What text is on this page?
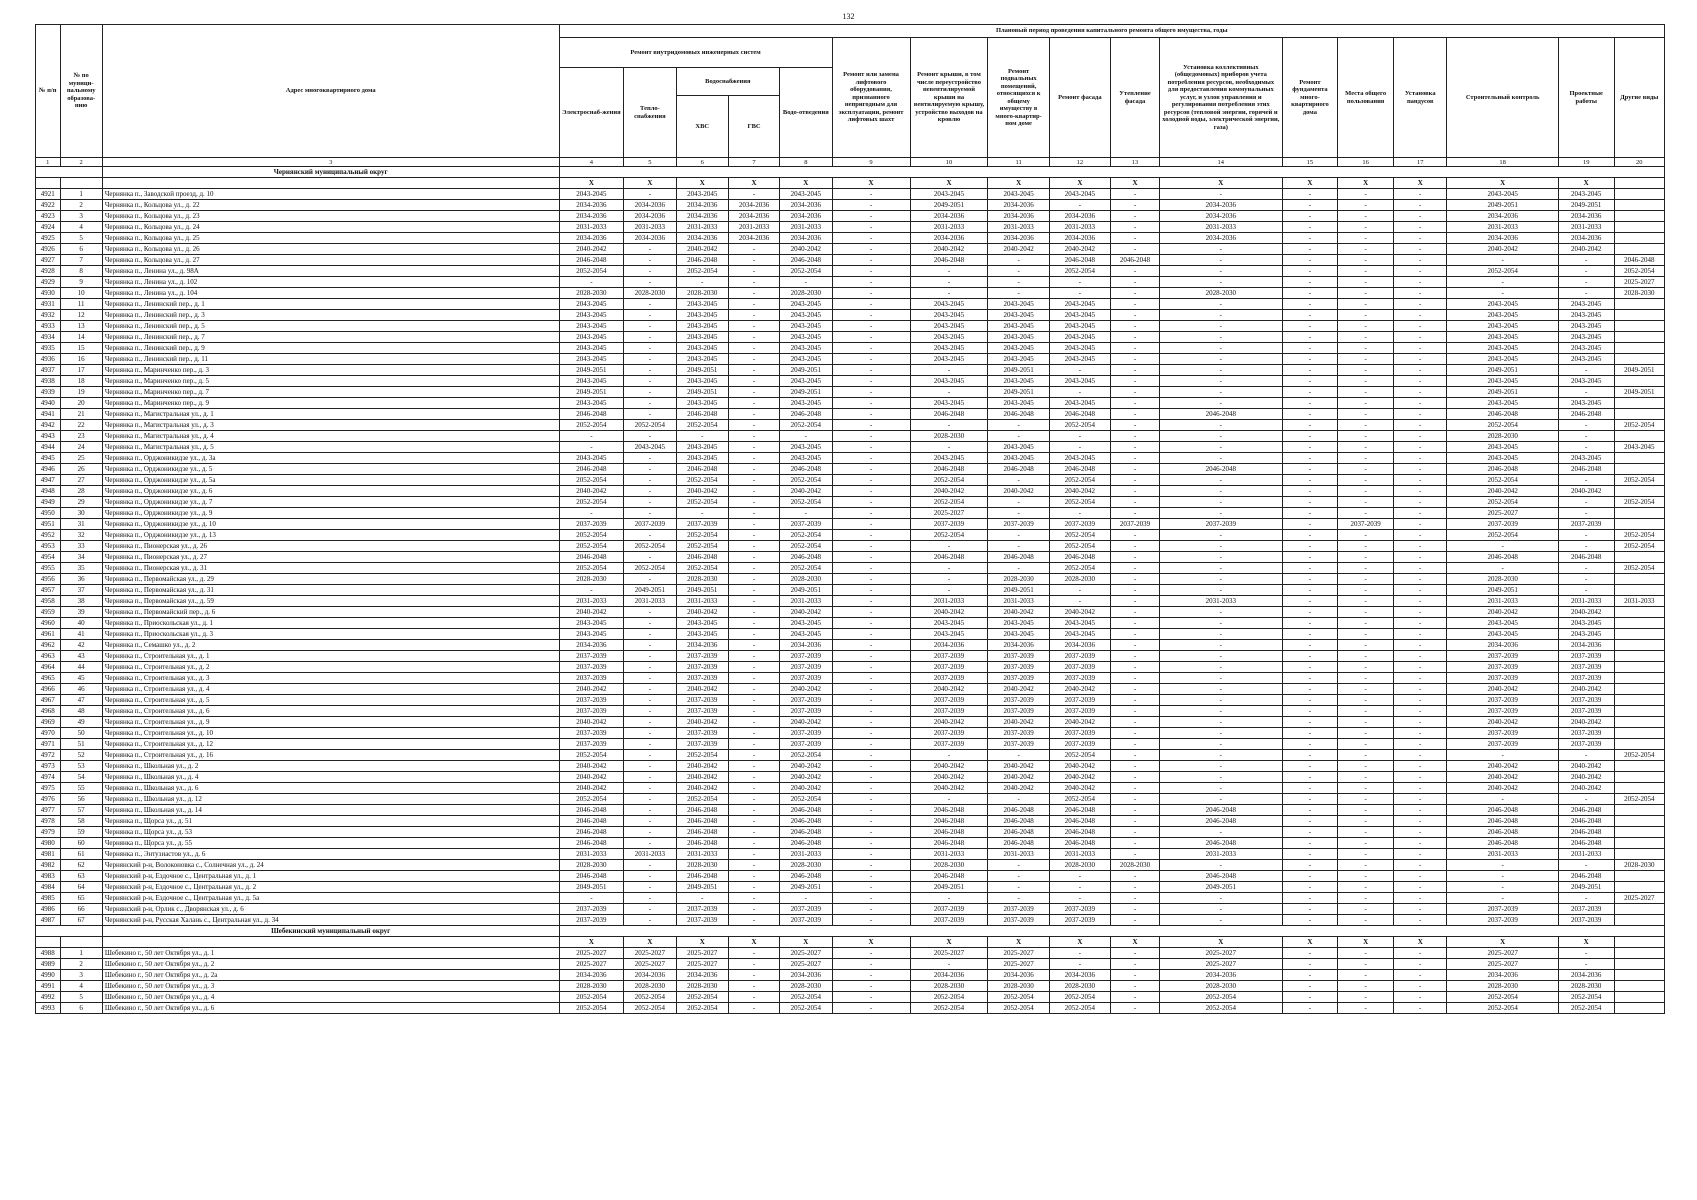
132
№ п/п	№ по муници-пальному образова-нию	Адрес многоквартирного дома	Плановый период проведения капитального ремонта общего имущества, годы																
			Ремонт внутридомовых инженерных систем					Ремонт или замена лифтового оборудования, признанного непригодным для эксплуатации, ремонт лифтовых шахт	Ремонт крыши, в том числе переустройство невентилируемой крыши на вентилируемую крышу, устройство выходов на кровлю	Ремонт подвальных помещений, относящихся к общему имуществу в много-квартир-ном доме	Ремонт фасада	Утепление фасада	Установка коллективных (общедомовых) приборов учета потребления ресурсов, необходимых для предоставления коммунальных услуг, и узлов управления и регулирования потребления этих ресурсов (тепловой энергии, горячей и холодной воды, электрической энергии, газа)	Ремонт фундамента много-квартирного дома	Места общего пользования	Установка пандусов	Строительный контроль	Проектные работы	Другие виды
			Электроснаб-жения	Тепло-снабжения	Водоснабжения		Водо-отведения												
					ХВС	ГВС													
1	2	3	4	5	6	7	8	9	10	11	12	13	14	15	16	17	18	19	20
		Чернянский муниципальный округ																	
			X	X	X	X	X	X	X	X	X	X	X	X	X	X	X	X	
4921	1	Чернянка п., Заводской проезд, д. 10	2043-2045	-	2043-2045	-	2043-2045	-	2043-2045	2043-2045	2043-2045	-	-	-	-	-	2043-2045	2043-2045	
4922	2	Чернянка п., Кольцова ул., д. 22	2034-2036	2034-2036	2034-2036	2034-2036	2034-2036	-	2049-2051	2034-2036	-	-	2034-2036	-	-	-	2049-2051	2049-2051	
4923	3	Чернянка п., Кольцова ул., д. 23	2034-2036	2034-2036	2034-2036	2034-2036	2034-2036	-	2034-2036	2034-2036	2034-2036	-	2034-2036	-	-	-	2034-2036	2034-2036	
4924	4	Чернянка п., Кольцова ул., д. 24	2031-2033	2031-2033	2031-2033	2031-2033	2031-2033	-	2031-2033	2031-2033	2031-2033	-	2031-2033	-	-	-	2031-2033	2031-2033	
4925	5	Чернянка п., Кольцова ул., д. 25	2034-2036	2034-2036	2034-2036	2034-2036	2034-2036	-	2034-2036	2034-2036	2034-2036	-	2034-2036	-	-	-	2034-2036	2034-2036	
4926	6	Чернянка п., Кольцова ул., д. 26	2040-2042	-	2040-2042	-	2040-2042	-	2040-2042	2040-2042	2040-2042	-	-	-	-	-	2040-2042	2040-2042	
4927	7	Чернянка п., Кольцова ул., д. 27	2046-2048	-	2046-2048	-	2046-2048	-	2046-2048	-	2046-2048	2046-2048	-	-	-	-	-	-	2046-2048
4928	8	Чернянка п., Ленина ул., д. 98А	2052-2054	-	2052-2054	-	2052-2054	-	-	-	2052-2054	-	-	-	-	-	2052-2054	-	2052-2054
4929	9	Чернянка п., Ленина ул., д. 102	-	-	-	-	-	-	-	-	-	-	-	-	-	-	-	-	2025-2027
4930	10	Чернянка п., Ленина ул., д. 104	2028-2030	2028-2030	2028-2030	-	2028-2030	-	-	-	-	-	2028-2030	-	-	-	-	-	2028-2030
4931	11	Чернянка п., Ленинский пер., д. 1	2043-2045	-	2043-2045	-	2043-2045	-	2043-2045	2043-2045	2043-2045	-	-	-	-	-	2043-2045	2043-2045	
4932	12	Чернянка п., Ленинский пер., д. 3	2043-2045	-	2043-2045	-	2043-2045	-	2043-2045	2043-2045	2043-2045	-	-	-	-	-	2043-2045	2043-2045	
4933	13	Чернянка п., Ленинский пер., д. 5	2043-2045	-	2043-2045	-	2043-2045	-	2043-2045	2043-2045	2043-2045	-	-	-	-	-	2043-2045	2043-2045	
4934	14	Чернянка п., Ленинский пер., д. 7	2043-2045	-	2043-2045	-	2043-2045	-	2043-2045	2043-2045	2043-2045	-	-	-	-	-	2043-2045	2043-2045	
4935	15	Чернянка п., Ленинский пер., д. 9	2043-2045	-	2043-2045	-	2043-2045	-	2043-2045	2043-2045	2043-2045	-	-	-	-	-	2043-2045	2043-2045	
4936	16	Чернянка п., Ленинский пер., д. 11	2043-2045	-	2043-2045	-	2043-2045	-	2043-2045	2043-2045	2043-2045	-	-	-	-	-	2043-2045	2043-2045	
4937	17	Чернянка п., Маринченко пер., д. 3	2049-2051	-	2049-2051	-	2049-2051	-	-	2049-2051	-	-	-	-	-	-	2049-2051	-	2049-2051
4938	18	Чернянка п., Маринченко пер., д. 5	2043-2045	-	2043-2045	-	2043-2045	-	2043-2045	2043-2045	2043-2045	-	-	-	-	-	2043-2045	2043-2045	
4939	19	Чернянка п., Маринченко пер., д. 7	2049-2051	-	2049-2051	-	2049-2051	-	-	2049-2051	-	-	-	-	-	-	2049-2051	-	2049-2051
4940	20	Чернянка п., Маринченко пер., д. 9	2043-2045	-	2043-2045	-	2043-2045	-	2043-2045	2043-2045	2043-2045	-	-	-	-	-	2043-2045	2043-2045	
4941	21	Чернянка п., Магистральная ул., д. 1	2046-2048	-	2046-2048	-	2046-2048	-	2046-2048	2046-2048	2046-2048	-	2046-2048	-	-	-	2046-2048	2046-2048	
4942	22	Чернянка п., Магистральная ул., д. 3	2052-2054	2052-2054	2052-2054	-	2052-2054	-	-	-	2052-2054	-	-	-	-	-	2052-2054	-	2052-2054
4943	23	Чернянка п., Магистральная ул., д. 4	-	-	-	-	-	-	2028-2030	-	-	-	-	-	-	-	2028-2030	-	
4944	24	Чернянка п., Магистральная ул., д. 5	-	2043-2045	2043-2045	-	2043-2045	-	-	2043-2045	-	-	-	-	-	-	2043-2045	-	2043-2045
4945	25	Чернянка п., Орджоникидзе ул., д. 3а	2043-2045	-	2043-2045	-	2043-2045	-	2043-2045	2043-2045	2043-2045	-	-	-	-	-	2043-2045	2043-2045	
4946	26	Чернянка п., Орджоникидзе ул., д. 5	2046-2048	-	2046-2048	-	2046-2048	-	2046-2048	2046-2048	2046-2048	-	2046-2048	-	-	-	2046-2048	2046-2048	
4947	27	Чернянка п., Орджоникидзе ул., д. 5а	2052-2054	-	2052-2054	-	2052-2054	-	2052-2054	-	2052-2054	-	-	-	-	-	2052-2054	-	2052-2054
4948	28	Чернянка п., Орджоникидзе ул., д. 6	2040-2042	-	2040-2042	-	2040-2042	-	2040-2042	2040-2042	2040-2042	-	-	-	-	-	2040-2042	2040-2042	
4949	29	Чернянка п., Орджоникидзе ул., д. 7	2052-2054	-	2052-2054	-	2052-2054	-	2052-2054	-	2052-2054	-	-	-	-	-	2052-2054	-	2052-2054
4950	30	Чернянка п., Орджоникидзе ул., д. 9	-	-	-	-	-	-	2025-2027	-	-	-	-	-	-	-	2025-2027	-	
4951	31	Чернянка п., Орджоникидзе ул., д. 10	2037-2039	2037-2039	2037-2039	-	2037-2039	-	2037-2039	2037-2039	2037-2039	2037-2039	2037-2039	-	2037-2039	-	2037-2039	2037-2039	
4952	32	Чернянка п., Орджоникидзе ул., д. 13	2052-2054	-	2052-2054	-	2052-2054	-	2052-2054	-	2052-2054	-	-	-	-	-	2052-2054	-	2052-2054
4953	33	Чернянка п., Пионерская ул., д. 26	2052-2054	2052-2054	2052-2054	-	2052-2054	-	-	-	2052-2054	-	-	-	-	-	-	-	2052-2054
4954	34	Чернянка п., Пионерская ул., д. 27	2046-2048	-	2046-2048	-	2046-2048	-	2046-2048	2046-2048	2046-2048	-	-	-	-	-	2046-2048	2046-2048	
4955	35	Чернянка п., Пионерская ул., д. 31	2052-2054	2052-2054	2052-2054	-	2052-2054	-	-	-	2052-2054	-	-	-	-	-	-	-	2052-2054
4956	36	Чернянка п., Первомайская ул., д. 29	2028-2030	-	2028-2030	-	2028-2030	-	-	2028-2030	2028-2030	-	-	-	-	-	2028-2030	-	
4957	37	Чернянка п., Первомайская ул., д. 31	-	2049-2051	2049-2051	-	2049-2051	-	-	2049-2051	-	-	-	-	-	-	2049-2051	-	
4958	38	Чернянка п., Первомайская ул., д. 59	2031-2033	2031-2033	2031-2033	-	2031-2033	-	2031-2033	2031-2033	-	-	2031-2033	-	-	-	2031-2033	2031-2033	2031-2033
4959	39	Чернянка п., Первомайский пер., д. 6	2040-2042	-	2040-2042	-	2040-2042	-	2040-2042	2040-2042	2040-2042	-	-	-	-	-	2040-2042	2040-2042	
4960	40	Чернянка п., Приоскольская ул., д. 1	2043-2045	-	2043-2045	-	2043-2045	-	2043-2045	2043-2045	2043-2045	-	-	-	-	-	2043-2045	2043-2045	
4961	41	Чернянка п., Приоскольская ул., д. 3	2043-2045	-	2043-2045	-	2043-2045	-	2043-2045	2043-2045	2043-2045	-	-	-	-	-	2043-2045	2043-2045	
4962	42	Чернянка п., Семашко ул., д. 2	2034-2036	-	2034-2036	-	2034-2036	-	2034-2036	2034-2036	2034-2036	-	-	-	-	-	2034-2036	2034-2036	
4963	43	Чернянка п., Строительная ул., д. 1	2037-2039	-	2037-2039	-	2037-2039	-	2037-2039	2037-2039	2037-2039	-	-	-	-	-	2037-2039	2037-2039	
4964	44	Чернянка п., Строительная ул., д. 2	2037-2039	-	2037-2039	-	2037-2039	-	2037-2039	2037-2039	2037-2039	-	-	-	-	-	2037-2039	2037-2039	
4965	45	Чернянка п., Строительная ул., д. 3	2037-2039	-	2037-2039	-	2037-2039	-	2037-2039	2037-2039	2037-2039	-	-	-	-	-	2037-2039	2037-2039	
4966	46	Чернянка п., Строительная ул., д. 4	2040-2042	-	2040-2042	-	2040-2042	-	2040-2042	2040-2042	2040-2042	-	-	-	-	-	2040-2042	2040-2042	
4967	47	Чернянка п., Строительная ул., д. 5	2037-2039	-	2037-2039	-	2037-2039	-	2037-2039	2037-2039	2037-2039	-	-	-	-	-	2037-2039	2037-2039	
4968	48	Чернянка п., Строительная ул., д. 6	2037-2039	-	2037-2039	-	2037-2039	-	2037-2039	2037-2039	2037-2039	-	-	-	-	-	2037-2039	2037-2039	
4969	49	Чернянка п., Строительная ул., д. 9	2040-2042	-	2040-2042	-	2040-2042	-	2040-2042	2040-2042	2040-2042	-	-	-	-	-	2040-2042	2040-2042	
4970	50	Чернянка п., Строительная ул., д. 10	2037-2039	-	2037-2039	-	2037-2039	-	2037-2039	2037-2039	2037-2039	-	-	-	-	-	2037-2039	2037-2039	
4971	51	Чернянка п., Строительная ул., д. 12	2037-2039	-	2037-2039	-	2037-2039	-	2037-2039	2037-2039	2037-2039	-	-	-	-	-	2037-2039	2037-2039	
4972	52	Чернянка п., Строительная ул., д. 16	2052-2054	-	2052-2054	-	2052-2054	-	-	-	2052-2054	-	-	-	-	-	-	-	2052-2054
4973	53	Чернянка п., Школьная ул., д. 2	2040-2042	-	2040-2042	-	2040-2042	-	2040-2042	2040-2042	2040-2042	-	-	-	-	-	2040-2042	2040-2042	
4974	54	Чернянка п., Школьная ул., д. 4	2040-2042	-	2040-2042	-	2040-2042	-	2040-2042	2040-2042	2040-2042	-	-	-	-	-	2040-2042	2040-2042	
4975	55	Чернянка п., Школьная ул., д. 6	2040-2042	-	2040-2042	-	2040-2042	-	2040-2042	2040-2042	2040-2042	-	-	-	-	-	2040-2042	2040-2042	
4976	56	Чернянка п., Школьная ул., д. 12	2052-2054	-	2052-2054	-	2052-2054	-	-	-	2052-2054	-	-	-	-	-	-	-	2052-2054
4977	57	Чернянка п., Школьная ул., д. 14	2046-2048	-	2046-2048	-	2046-2048	-	2046-2048	2046-2048	2046-2048	-	2046-2048	-	-	-	2046-2048	2046-2048	
4978	58	Чернянка п., Щорса ул., д. 51	2046-2048	-	2046-2048	-	2046-2048	-	2046-2048	2046-2048	2046-2048	-	2046-2048	-	-	-	2046-2048	2046-2048	
4979	59	Чернянка п., Щорса ул., д. 53	2046-2048	-	2046-2048	-	2046-2048	-	2046-2048	2046-2048	2046-2048	-	-	-	-	-	2046-2048	2046-2048	
4980	60	Чернянка п., Щорса ул., д. 55	2046-2048	-	2046-2048	-	2046-2048	-	2046-2048	2046-2048	2046-2048	-	2046-2048	-	-	-	2046-2048	2046-2048	
4981	61	Чернянка п., Энтузиастов ул., д. 6	2031-2033	2031-2033	2031-2033	-	2031-2033	-	2031-2033	2031-2033	2031-2033	-	2031-2033	-	-	-	2031-2033	2031-2033	
4982	62	Чернянский р-н, Волоконовка с., Солнечная ул., д. 24	2028-2030	-	2028-2030	-	2028-2030	-	2028-2030	-	2028-2030	2028-2030	-	-	-	-	-	-	2028-2030
4983	63	Чернянский р-н, Ездочное с., Центральная ул., д. 1	2046-2048	-	2046-2048	-	2046-2048	-	2046-2048	-	-	-	2046-2048	-	-	-	-	2046-2048	
4984	64	Чернянский р-н, Ездочное с., Центральная ул., д. 2	2049-2051	-	2049-2051	-	2049-2051	-	2049-2051	-	-	-	2049-2051	-	-	-	-	2049-2051	
4985	65	Чернянский р-н, Ездочное с., Центральная ул., д. 5а	-	-	-	-	-	-	-	-	-	-	-	-	-	-	-	-	2025-2027
4986	66	Чернянский р-н, Орлик с., Дворянская ул., д. 6	2037-2039	-	2037-2039	-	2037-2039	-	2037-2039	2037-2039	2037-2039	-	-	-	-	-	2037-2039	2037-2039	
4987	67	Чернянский р-н, Русская Халань с., Центральная ул., д. 34	2037-2039	-	2037-2039	-	2037-2039	-	2037-2039	2037-2039	2037-2039	-	-	-	-	-	2037-2039	2037-2039	
		Шебекинский муниципальный округ																	
			X	X	X	X	X	X	X	X	X	X	X	X	X	X	X	X	
4988	1	Шебекино г., 50 лет Октября ул., д. 1	2025-2027	2025-2027	2025-2027	-	2025-2027	-	2025-2027	2025-2027	-	-	2025-2027	-	-	-	2025-2027	-	
4989	2	Шебекино г., 50 лет Октября ул., д. 2	2025-2027	2025-2027	2025-2027	-	2025-2027	-	-	2025-2027	-	-	2025-2027	-	-	-	2025-2027	-	
4990	3	Шебекино г., 50 лет Октября ул., д. 2а	2034-2036	2034-2036	2034-2036	-	2034-2036	-	2034-2036	2034-2036	2034-2036	-	2034-2036	-	-	-	2034-2036	2034-2036	
4991	4	Шебекино г., 50 лет Октября ул., д. 3	2028-2030	2028-2030	2028-2030	-	2028-2030	-	2028-2030	2028-2030	2028-2030	-	2028-2030	-	-	-	2028-2030	2028-2030	
4992	5	Шебекино г., 50 лет Октября ул., д. 4	2052-2054	2052-2054	2052-2054	-	2052-2054	-	2052-2054	2052-2054	2052-2054	-	2052-2054	-	-	-	2052-2054	2052-2054	
4993	6	Шебекино г., 50 лет Октября ул., д. 6	2052-2054	2052-2054	2052-2054	-	2052-2054	-	2052-2054	2052-2054	2052-2054	-	2052-2054	-	-	-	2052-2054	2052-2054	
